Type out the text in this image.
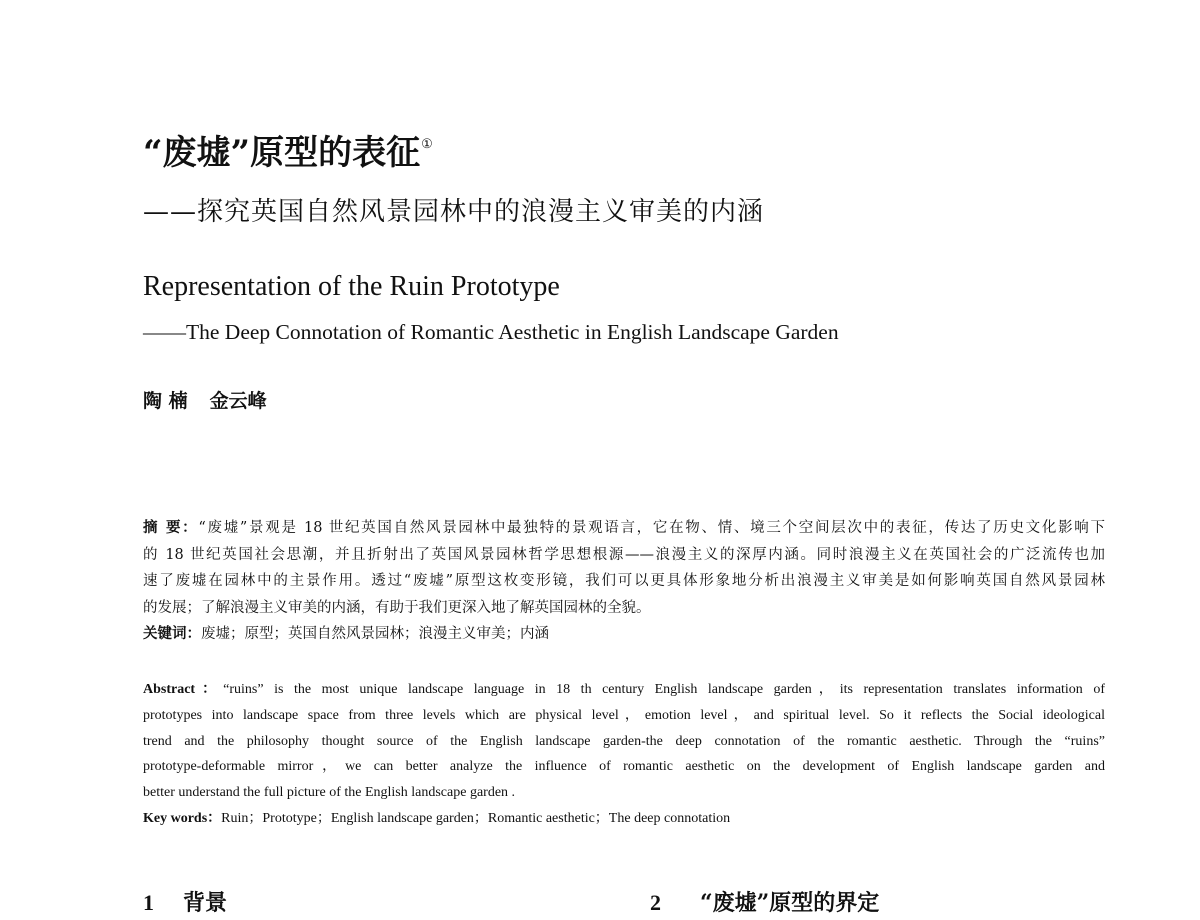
“废墟”原型的表征①
——探究英国自然风景园林中的浪漫主义审美的内涵
Representation of the Ruin Prototype
——The Deep Connotation of Romantic Aesthetic in English Landscape Garden
陶 楠 金云峰
摘 要：“废墟”景观是 18 世纪英国自然风景园林中最独特的景观语言，它在物、情、境三个空间层次中的表征，传达了历史文化影响下
的 18 世纪英国社会思潮，并且折射出了英国风景园林哲学思想根源——浪漫主义的深厚内涵。同时浪漫主义在英国社会的广泛流传也加
速了废墟在园林中的主景作用。透过“废墟”原型这枚变形镜，我们可以更具体形象地分析出浪漫主义审美是如何影响英国自然风景园林
的发展；了解浪漫主义审美的内涵，有助于我们更深入地了解英国园林的全貌。
关键词：废墟；原型；英国自然风景园林；浪漫主义审美；内涵
Abstract：“ruins” is the most unique landscape language in 18 th century English landscape garden，its representation translates information of
prototypes into landscape space from three levels which are physical level，emotion level，and spiritual level. So it reflects the Social ideological
trend and the philosophy thought source of the English landscape garden-the deep connotation of the romantic aesthetic. Through the “ruins”
prototype-deformable mirror，we can better analyze the influence of romantic aesthetic on the development of English landscape garden and
better understand the full picture of the English landscape garden .
Key words：Ruin；Prototype；English landscape garden；Romantic aesthetic；The deep connotation
1 背景	2 “废墟”原型的界定
